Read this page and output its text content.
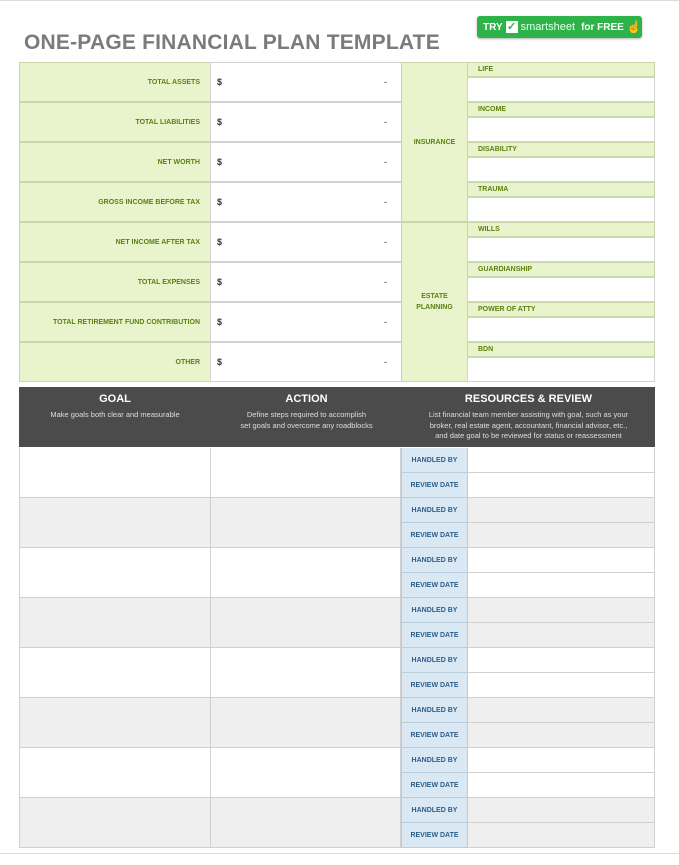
ONE-PAGE FINANCIAL PLAN TEMPLATE
TRY ✓ smartsheet for FREE ☝
TOTAL ASSETS	$	-
TOTAL LIABILITIES	$	-
NET WORTH	$	-
GROSS INCOME BEFORE TAX	$	-
NET INCOME AFTER TAX	$	-
TOTAL EXPENSES	$	-
TOTAL RETIREMENT FUND CONTRIBUTION	$	-
OTHER	$	-
INSURANCE
LIFE
INCOME
DISABILITY
TRAUMA
ESTATE
PLANNING
WILLS
GUARDIANSHIP
POWER OF ATTY
BDN
GOAL
Make goals both clear and measurable
ACTION
Define steps required to accomplish
set goals and overcome any roadblocks
RESOURCES & REVIEW
List financial team member assisting with goal, such as your
broker, real estate agent, accountant, financial advisor, etc.,
and date goal to be reviewed for status or reassessment
HANDLED BY
REVIEW DATE
HANDLED BY
REVIEW DATE
HANDLED BY
REVIEW DATE
HANDLED BY
REVIEW DATE
HANDLED BY
REVIEW DATE
HANDLED BY
REVIEW DATE
HANDLED BY
REVIEW DATE
HANDLED BY
REVIEW DATE
